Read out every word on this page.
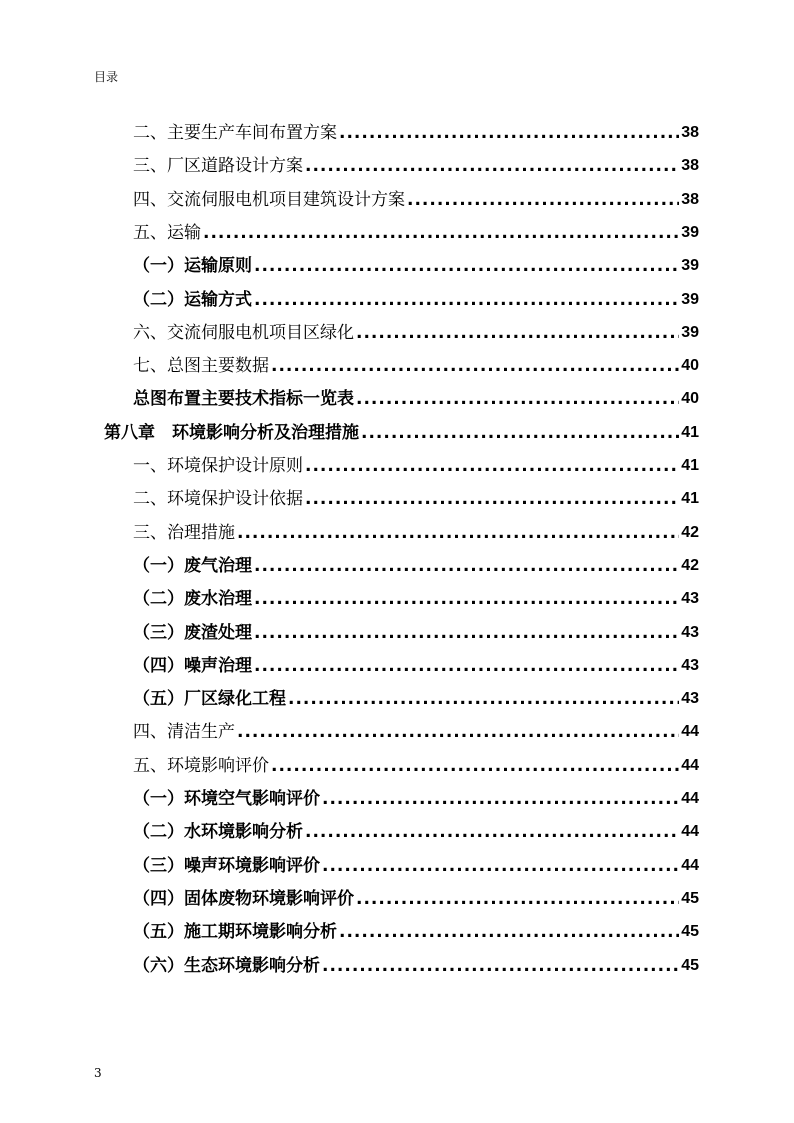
目录
二、主要生产车间布置方案 .....	38
三、厂区道路设计方案 .....	38
四、交流伺服电机项目建筑设计方案 .....	38
五、运输 .....	39
（一）运输原则 .....	39
（二）运输方式 .....	39
六、交流伺服电机项目区绿化 .....	39
七、总图主要数据 .....	40
总图布置主要技术指标一览表 .....	40
第八章　环境影响分析及治理措施 .....	41
一、环境保护设计原则 .....	41
二、环境保护设计依据 .....	41
三、治理措施 .....	42
（一）废气治理 .....	42
（二）废水治理 .....	43
（三）废渣处理 .....	43
（四）噪声治理 .....	43
（五）厂区绿化工程 .....	43
四、清洁生产 .....	44
五、环境影响评价 .....	44
（一）环境空气影响评价 .....	44
（二）水环境影响分析 .....	44
（三）噪声环境影响评价 .....	44
（四）固体废物环境影响评价 .....	45
（五）施工期环境影响分析 .....	45
（六）生态环境影响分析 .....	45
3
